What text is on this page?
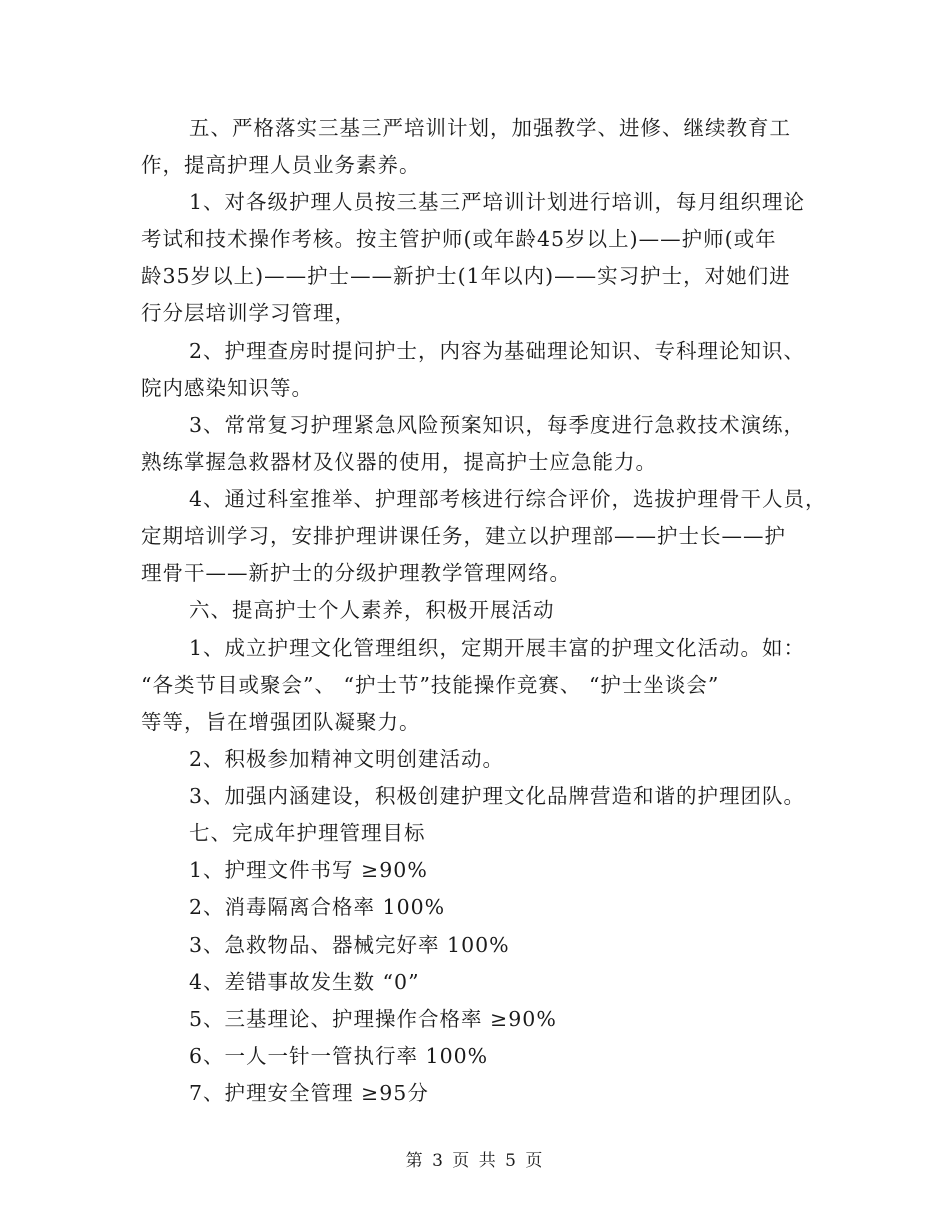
五、严格落实三基三严培训计划，加强教学、进修、继续教育工
作，提高护理人员业务素养。
1、对各级护理人员按三基三严培训计划进行培训，每月组织理论
考试和技术操作考核。按主管护师(或年龄45岁以上)——护师(或年
龄35岁以上)——护士——新护士(1年以内)——实习护士，对她们进
行分层培训学习管理，
2、护理查房时提问护士，内容为基础理论知识、专科理论知识、
院内感染知识等。
3、常常复习护理紧急风险预案知识，每季度进行急救技术演练，
熟练掌握急救器材及仪器的使用，提高护士应急能力。
4、通过科室推举、护理部考核进行综合评价，选拔护理骨干人员，
定期培训学习，安排护理讲课任务，建立以护理部——护士长——护
理骨干——新护士的分级护理教学管理网络。
六、提高护士个人素养，积极开展活动
1、成立护理文化管理组织，定期开展丰富的护理文化活动。如：
“各类节目或聚会”、 “护士节”技能操作竞赛、 “护士坐谈会”
等等，旨在增强团队凝聚力。
2、积极参加精神文明创建活动。
3、加强内涵建设，积极创建护理文化品牌营造和谐的护理团队。
七、完成年护理管理目标
1、护理文件书写 ≥90%
2、消毒隔离合格率 100%
3、急救物品、器械完好率 100%
4、差错事故发生数 “0”
5、三基理论、护理操作合格率 ≥90%
6、一人一针一管执行率 100%
7、护理安全管理 ≥95分
第 3 页 共 5 页
